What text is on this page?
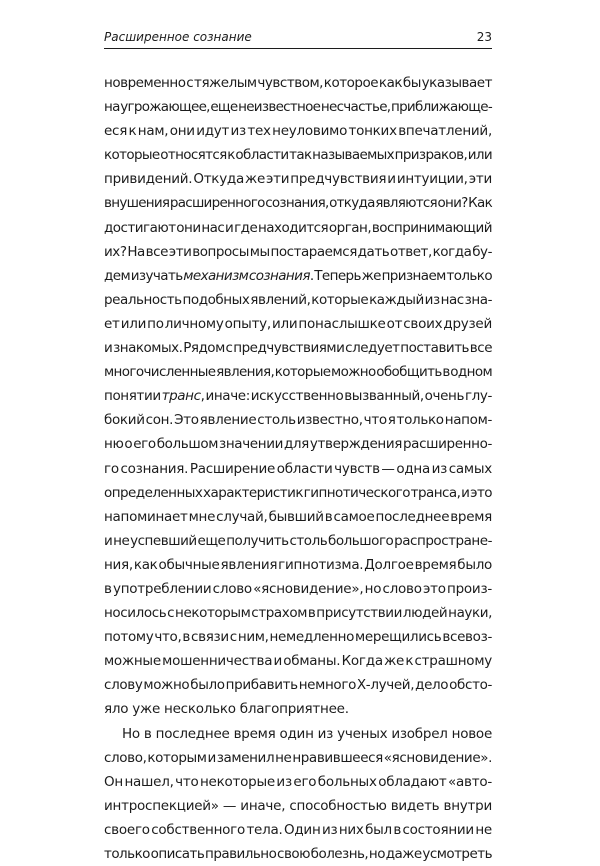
Расширенное сознание	23
новременно с тяжелым чувством, которое как бы указывает
на угрожающее, еще неизвестное несчастье, приближающе-
еся к нам, они идут из тех неуловимо тонких впечатлений,
которые относятся к области так называемых призраков, или
привидений. Откуда же эти предчувствия и интуиции, эти
внушения расширенного сознания, откуда являются они? Как
достигают они нас и где находится орган, воспринимающий
их? На все эти вопросы мы постараемся дать ответ, когда бу-
дем изучать механизм сознания. Теперь же признаем только
реальность подобных явлений, которые каждый из нас зна-
ет или по личному опыту, или понаслышке от своих друзей
и знакомых. Рядом с предчувствиями следует поставить все
многочисленные явления, которые можно обобщить в одном
понятии транс, иначе: искусственно вызванный, очень глу-
бокий сон. Это явление столь известно, что я только напом-
ню о его большом значении для утверждения расширенно-
го сознания. Расширение области чувств — одна из самых
определенных характеристик гипнотического транса, и это
напоминает мне случай, бывший в самое последнее время
и не успевший еще получить столь большого распростране-
ния, как обычные явления гипнотизма. Долгое время было
в употреблении слово «ясновидение», но слово это произ-
носилось с некоторым страхом в присутствии людей науки,
потому что, в связи с ним, немедленно мерещились всевоз-
можные мошенничества и обманы. Когда же к страшному
слову можно было прибавить немного Х-лучей, дело обсто-
яло уже несколько благоприятнее.
Но в последнее время один из ученых изобрел новое
слово, которым и заменил не нравившееся «ясновидение».
Он нашел, что некоторые из его больных обладают «авто-
интроспекцией» — иначе, способностью видеть внутри
своего собственного тела. Один из них был в состоянии не
только описать правильно свою болезнь, но даже усмотреть
